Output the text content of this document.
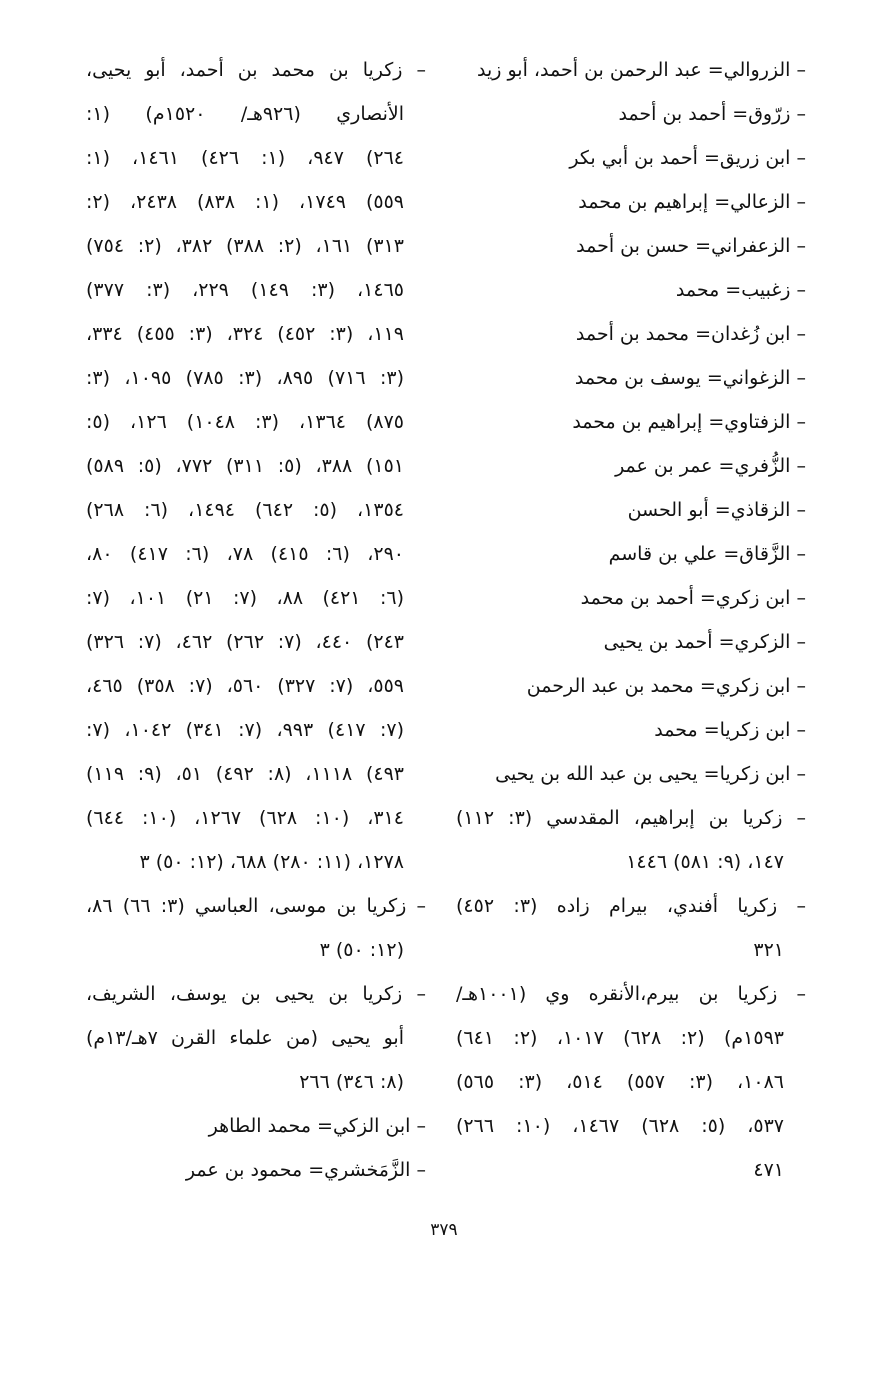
– الزروالي= عبد الرحمن بن أحمد، أبو زيد

– زرّوق= أحمد بن أحمد

– ابن زريق= أحمد بن أبي بكر

– الزعالي= إبراهيم بن محمد

– الزعفراني= حسن بن أحمد

– زغبيب= محمد

– ابن زُغدان= محمد بن أحمد

– الزغواني= يوسف بن محمد

– الزفتاوي= إبراهيم بن محمد

– الزُّفري= عمر بن عمر

– الزقاذي= أبو الحسن

– الزَّقاق= علي بن قاسم

– ابن زكري= أحمد بن محمد

– الزكري= أحمد بن يحيى

– ابن زكري= محمد بن عبد الرحمن

– ابن زكريا= محمد

– ابن زكريا= يحيى بن عبد الله بن يحيى

– زكريا بن إبراهيم، المقدسي (٣: ١١٢)
١٤٧، (٩: ٥٨١) ١٤٤٦

– زكريا أفندي، بيرام زاده (٣: ٤٥٢)
٣٢١

– زكريا بن بيرم،الأنقره وي (١٠٠١هـ/
١٥٩٣م) (٢: ٦٢٨) ١٠١٧، (٢: ٦٤١)
١٠٨٦، (٣: ٥٥٧) ٥١٤، (٣: ٥٦٥)
٥٣٧، (٥: ٦٢٨) ١٤٦٧، (١٠: ٢٦٦)
٤٧١

– زكريا بن محمد بن أحمد، أبو يحيى،
الأنصاري (٩٢٦هـ/ ١٥٢٠م) (١:
٢٦٤) ٩٤٧، (١: ٤٢٦) ١٤٦١، (١:
٥٥٩) ١٧٤٩، (١: ٨٣٨) ٢٤٣٨، (٢:
٣١٣) ١٦١، (٢: ٣٨٨) ٣٨٢، (٢: ٧٥٤)
١٤٦٥، (٣: ١٤٩) ٢٢٩، (٣: ٣٧٧)
١١٩، (٣: ٤٥٢) ٣٢٤، (٣: ٤٥٥) ٣٣٤،
(٣: ٧١٦) ٨٩٥، (٣: ٧٨٥) ١٠٩٥، (٣:
٨٧٥) ١٣٦٤، (٣: ١٠٤٨) ١٢٦، (٥:
١٥١) ٣٨٨، (٥: ٣١١) ٧٧٢، (٥: ٥٨٩)
١٣٥٤، (٥: ٦٤٢) ١٤٩٤، (٦: ٢٦٨)
٢٩٠، (٦: ٤١٥) ٧٨، (٦: ٤١٧) ٨٠،
(٦: ٤٢١) ٨٨، (٧: ٢١) ١٠١، (٧:
٢٤٣) ٤٤٠، (٧: ٢٦٢) ٤٦٢، (٧: ٣٢٦)
٥٥٩، (٧: ٣٢٧) ٥٦٠، (٧: ٣٥٨) ٤٦٥،
(٧: ٤١٧) ٩٩٣، (٧: ٣٤١) ١٠٤٢، (٧:
٤٩٣) ١١١٨، (٨: ٤٩٢) ٥١، (٩: ١١٩)
٣١٤، (١٠: ٦٢٨) ١٢٦٧، (١٠: ٦٤٤)
١٢٧٨، (١١: ٢٨٠) ٦٨٨، (١٢: ٥٠) ٣

– زكريا بن موسى، العباسي (٣: ٦٦) ٨٦،
(١٢: ٥٠) ٣

– زكريا بن يحيى بن يوسف، الشريف،
أبو يحيى (من علماء القرن ٧هـ/١٣م)
(٨: ٣٤٦) ٢٦٦

– ابن الزكي= محمد الطاهر

– الزَّمَخشري= محمود بن عمر

٣٧٩
